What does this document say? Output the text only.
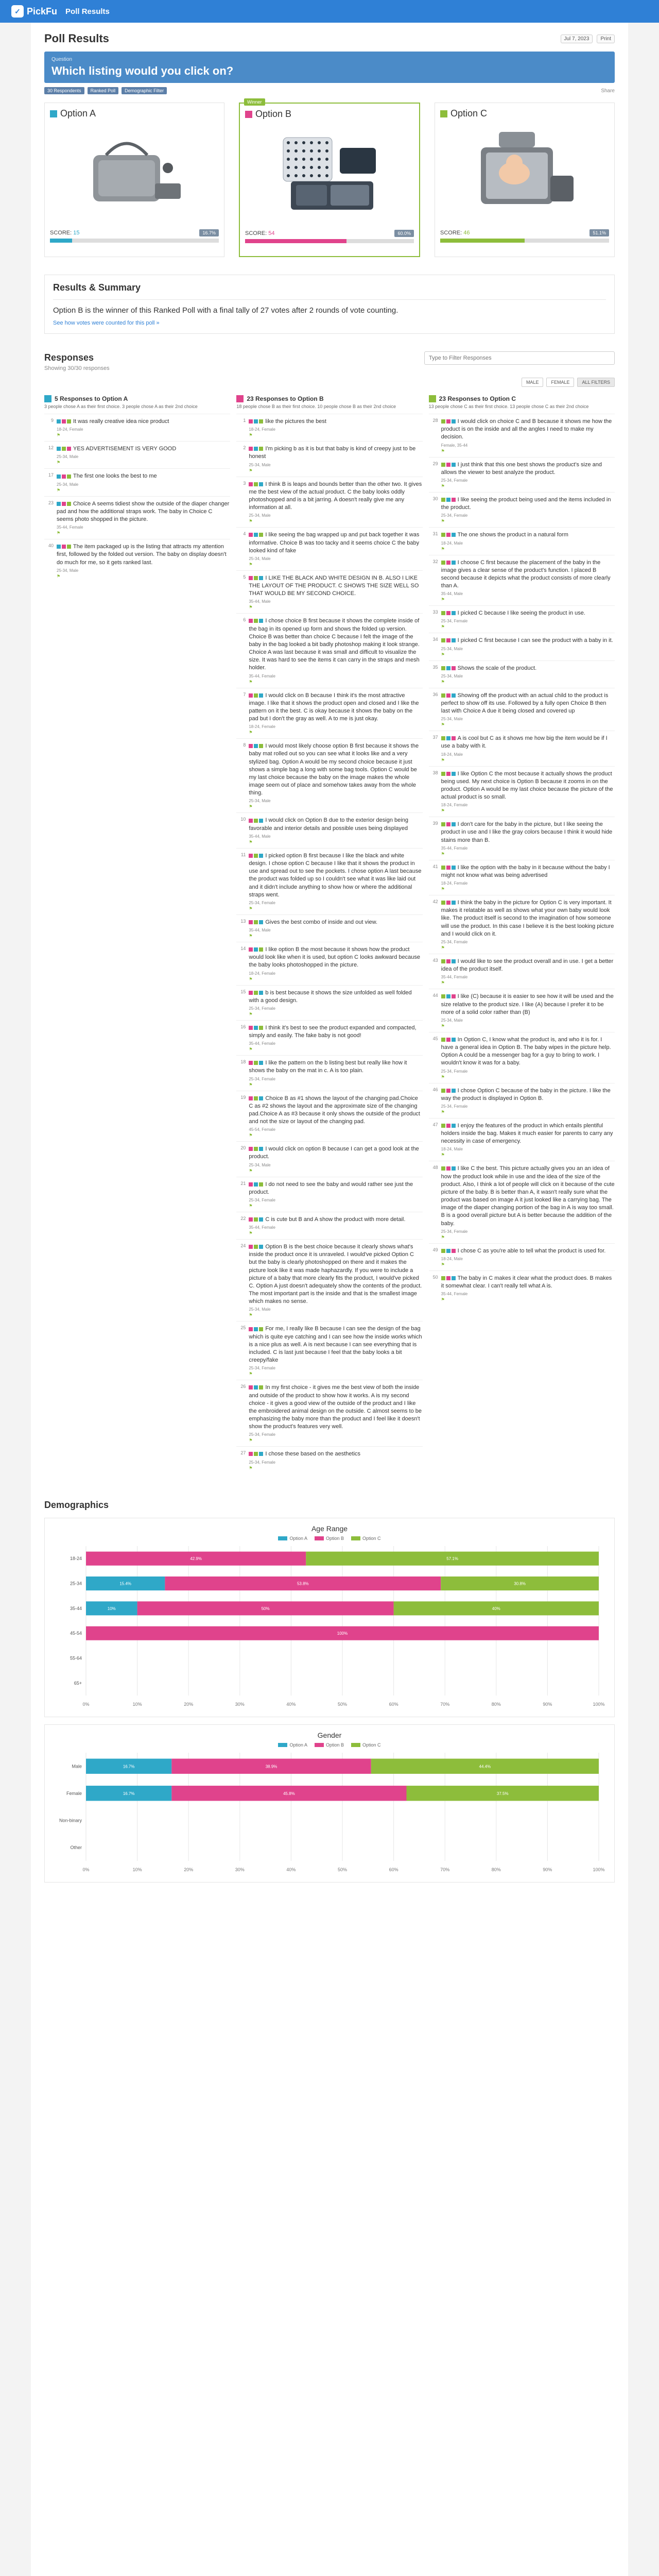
✓ PickFu Poll Results
Poll Results	Jul 7, 2023	Print
Question
Which listing would you click on?
30 Respondents	Ranked Poll	Demographic Filter	Share
Option A
SCORE: 15	16.7%
Winner
Option B
SCORE: 54	60.0%
Option C
SCORE: 46	51.1%
Results & Summary

Option B is the winner of this Ranked Poll with a final tally of 27 votes after 2 rounds of vote counting.

See how votes were counted for this poll »
Responses
Showing 30/30 responses
Type to Filter Responses
MALE	FEMALE	ALL FILTERS
5 Responses to Option A
3 people chose A as their first choice. 3 people chose A as their 2nd choice
9	It was really creative idea nice product
18-24, Female
⚑
12	YES ADVERTISEMENT IS VERY GOOD
25-34, Male
⚑
17	The first one looks the best to me
25-34, Male
⚑
23	Choice A seems tidiest show the outside of the diaper changer pad and how the additional straps work. The baby in Choice C seems photo shopped in the picture.
35-44, Female
⚑
40	The item packaged up is the listing that attracts my attention first, followed by the folded out version. The baby on display doesn't do much for me, so it gets ranked last.
25-34, Male
⚑
23 Responses to Option B
18 people chose B as their first choice. 10 people chose B as their 2nd choice
1	like the pictures the best
18-24, Female
⚑
2	I'm picking b as it is but that baby is kind of creepy just to be honest
25-34, Male
⚑
3	I think B is leaps and bounds better than the other two. It gives me the best view of the actual product. C the baby looks oddly photoshopped and is a bit jarring. A doesn't really give me any information at all.
25-34, Male
⚑
4	I like seeing the bag wrapped up and put back together it was informative. Choice B was too tacky and it seems choice C the baby looked kind of fake
25-34, Male
⚑
5	I LIKE THE BLACK AND WHITE DESIGN IN B. ALSO I LIKE THE LAYOUT OF THE PRODUCT. C SHOWS THE SIZE WELL SO THAT WOULD BE MY SECOND CHOICE.
35-44, Male
⚑
6	I chose choice B first because it shows the complete inside of the bag in its opened up form and shows the folded up version. Choice B was better than choice C because I felt the image of the baby in the bag looked a bit badly photoshop making it look strange. Choice A was last because it was small and difficult to visualize the size. It was hard to see the items it can carry in the straps and mesh holder.
35-44, Female
⚑
7	I would click on B because I think it's the most attractive image. I like that it shows the product open and closed and I like the pattern on it the best. C is okay because it shows the baby on the pad but I don't the gray as well. A to me is just okay.
18-24, Female
⚑
8	I would most likely choose option B first because it shows the baby mat rolled out so you can see what it looks like and a very stylized bag. Option A would be my second choice because it just shows a simple bag a long with some bag tools. Option C would be my last choice because the baby on the image makes the whole image seem out of place and somehow takes away from the whole thing.
25-34, Male
⚑
10	I would click on Option B due to the exterior design being favorable and interior details and possible uses being displayed
35-44, Male
⚑
11	I picked option B first because I like the black and white design. I chose option C because I like that it shows the product in use and spread out to see the pockets. I chose option A last because the product was folded up so I couldn't see what it was like laid out and it didn't include anything to show how or where the additional straps went.
25-34, Female
⚑
13	Gives the best combo of inside and out view.
35-44, Male
⚑
14	I like option B the most because it shows how the product would look like when it is used, but option C looks awkward because the baby looks photoshopped in the picture.
18-24, Female
⚑
15	b is best because it shows the size unfolded as well folded with a good design.
25-34, Female
⚑
16	I think it's best to see the product expanded and compacted, simply and easily. The fake baby is not good!
35-44, Female
⚑
18	I like the pattern on the b listing best but really like how it shows the baby on the mat in c. A is too plain.
25-34, Female
⚑
19	Choice B as #1 shows the layout of the changing pad.Choice C as #2 shows the layout and the approximate size of the changing pad.Choice A as #3 because it only shows the outside of the product and not the size or layout of the changing pad.
45-54, Female
⚑
20	I would click on option B because I can get a good look at the product.
25-34, Male
⚑
21	I do not need to see the baby and would rather see just the product.
25-34, Female
⚑
22	C is cute but B and A show the product with more detail.
35-44, Female
⚑
24	Option B is the best choice because it clearly shows what's inside the product once it is unraveled. I would've picked Option C but the baby is clearly photoshopped on there and it makes the picture look like it was made haphazardly. If you were to include a picture of a baby that more clearly fits the product, I would've picked C. Option A just doesn't adequately show the contents of the product. The most important part is the inside and that is the smallest image which makes no sense.
25-34, Male
⚑
25	For me, I really like B because I can see the design of the bag which is quite eye catching and I can see how the inside works which is a nice plus as well. A is next because I can see everything that is included. C is last just because I feel that the baby looks a bit creepy/fake
25-34, Female
⚑
26	In my first choice - it gives me the best view of both the inside and outside of the product to show how it works. A is my second choice - it gives a good view of the outside of the product and I like the embroidered animal design on the outside. C almost seems to be emphasizing the baby more than the product and I feel like it doesn't show the product's features very well.
25-34, Female
⚑
27	I chose these based on the aesthetics
25-34, Female
⚑
23 Responses to Option C
13 people chose C as their first choice. 13 people chose C as their 2nd choice
28	I would click on choice C and B because it shows me how the product is on the inside and all the angles I need to make my decision.
Female, 35-44
⚑
29	I just think that this one best shows the product's size and allows the viewer to best analyze the product.
25-34, Female
⚑
30	I like seeing the product being used and the items included in the product.
25-34, Female
⚑
31	The one shows the product in a natural form
18-24, Male
⚑
32	I choose C first because the placement of the baby in the image gives a clear sense of the product's function. I placed B second because it depicts what the product consists of more clearly than A.
35-44, Male
⚑
33	I picked C because I like seeing the product in use.
25-34, Female
⚑
34	I picked C first because I can see the product with a baby in it.
25-34, Male
⚑
35	Shows the scale of the product.
25-34, Male
⚑
36	Showing off the product with an actual child to the product is perfect to show off its use. Followed by a fully open Choice B then last with Choice A due it being closed and covered up
25-34, Male
⚑
37	A is cool but C as it shows me how big the item would be if I use a baby with it.
18-24, Male
⚑
38	I like Option C the most because it actually shows the product being used. My next choice is Option B because it zooms in on the product. Option A would be my last choice because the picture of the actual product is so small.
18-24, Female
⚑
39	I don't care for the baby in the picture, but I like seeing the product in use and I like the gray colors because I think it would hide stains more than B.
35-44, Female
⚑
41	I like the option with the baby in it because without the baby I might not know what was being advertised
18-24, Female
⚑
42	I think the baby in the picture for Option C is very important. It makes it relatable as well as shows what your own baby would look like. The product itself is second to the imagination of how someone will use the product. In this case I believe it is the best looking picture and I would click on it.
25-34, Female
⚑
43	I would like to see the product overall and in use. I get a better idea of the product itself.
35-44, Female
⚑
44	I like (C) because it is easier to see how it will be used and the size relative to the product size. I like (A) because I prefer it to be more of a solid color rather than (B)
25-34, Male
⚑
45	In Option C, I know what the product is, and who it is for. I have a general idea in Option B. The baby wipes in the picture help. Option A could be a messenger bag for a guy to bring to work. I wouldn't know it was for a baby.
25-34, Female
⚑
46	I chose Option C because of the baby in the picture. I like the way the product is displayed in Option B.
25-34, Female
⚑
47	I enjoy the features of the product in which entails plentiful holders inside the bag. Makes it much easier for parents to carry any necessity in case of emergency.
18-24, Male
⚑
48	I like C the best. This picture actually gives you an an idea of how the product look while in use and the idea of the size of the product. Also, I think a lot of people will click on it because of the cute picture of the baby. B is better than A, it wasn't really sure what the product was based on image A it just looked like a carrying bag. The image of the diaper changing portion of the bag in A is way too small. B is a good overall picture but A is better because the addition of the baby.
25-34, Female
⚑
49	I chose C as you're able to tell what the product is used for.
18-24, Male
⚑
50	The baby in C makes it clear what the product does. B makes it somewhat clear. I can't really tell what A is.
35-44, Female
⚑
Demographics
Age Range
Option A	Option B	Option C
0%	10%	20%	30%	40%	50%	60%	70%	80%	90%	100%
18-24	42.9%	57.1%
25-34	15.4%	53.8%	30.8%
35-44	10%	50%	40%
45-54	100%
55-64
65+
Gender
Option A	Option B	Option C
0%	10%	20%	30%	40%	50%	60%	70%	80%	90%	100%
Male	16.7%	38.9%	44.4%
Female	16.7%	45.8%	37.5%
Non-binary
Other
